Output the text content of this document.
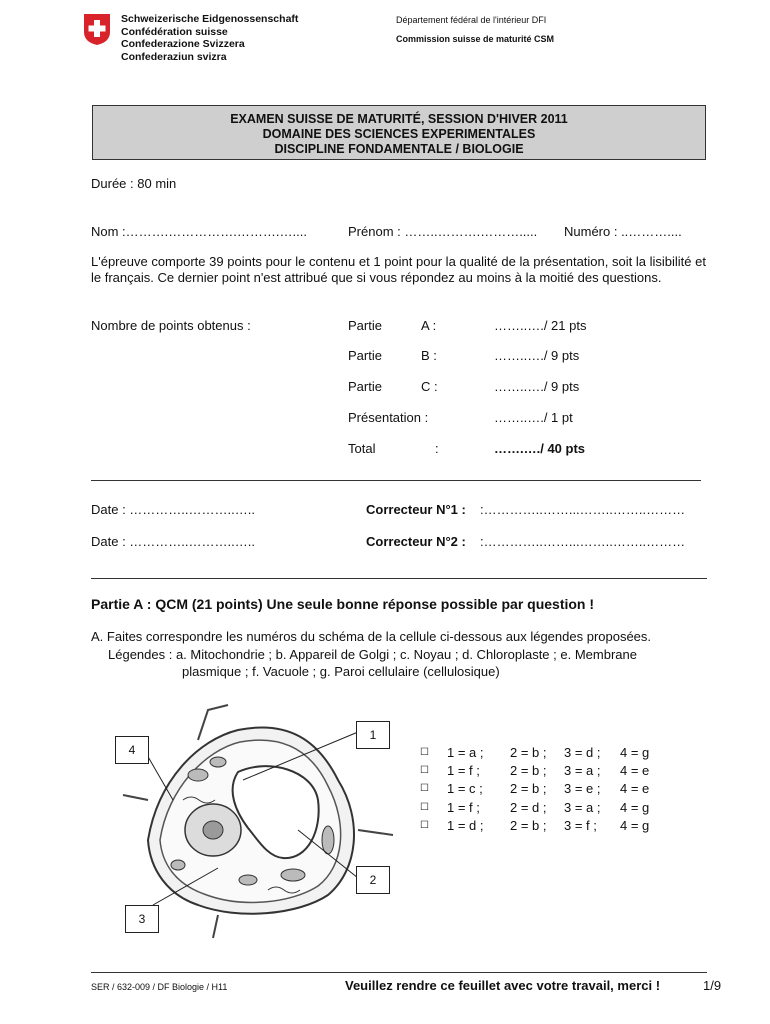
Schweizerische Eidgenossenschaft
Confédération suisse
Confederazione Svizzera
Confederaziun svizra
Département fédéral de l'intérieur DFI
Commission suisse de maturité CSM
EXAMEN SUISSE DE MATURITÉ, SESSION D'HIVER 2011
DOMAINE DES SCIENCES EXPERIMENTALES
DISCIPLINE FONDAMENTALE / BIOLOGIE
Durée : 80 min
Nom :……….…………….……….…....	Prénom : ……..……….………..... Numéro : ..………....
L'épreuve comporte 39 points pour le contenu et 1 point pour la qualité de la présentation, soit la lisibilité et le français. Ce dernier point n'est attribué que si vous répondez au moins à la moitié des questions.
Nombre de points obtenus :	Partie	A :	……..…./ 21 pts
Partie	B :	……..…./ 9 pts
Partie	C :	……..…./ 9 pts
Présentation :	……..…./ 1 pt
Total	:	…….…./ 40 pts
Date : …………..………..…..	Correcteur N°1 : :…………..……...……..……..………
Date : …………..………..…..	Correcteur N°2 : :…………..……...……..……..………
Partie A : QCM (21 points) Une seule bonne réponse possible par question !
A. Faites correspondre les numéros du schéma de la cellule ci-dessous aux légendes proposées.
Légendes : a. Mitochondrie ; b. Appareil de Golgi ; c. Noyau ; d. Chloroplaste ; e. Membrane
plasmique ; f. Vacuole ; g. Paroi cellulaire (cellulosique)
1
2
3
4	☐ 1 = a ; 2 = b ; 3 = d ; 4 = g
☐ 1 = f ; 2 = b ; 3 = a ; 4 = e
☐ 1 = c ; 2 = b ; 3 = e ; 4 = e
☐ 1 = f ; 2 = d ; 3 = a ; 4 = g
☐ 1 = d ; 2 = b ; 3 = f ; 4 = g
SER / 632-009 / DF Biologie / H11	Veuillez rendre ce feuillet avec votre travail, merci !	1/9
